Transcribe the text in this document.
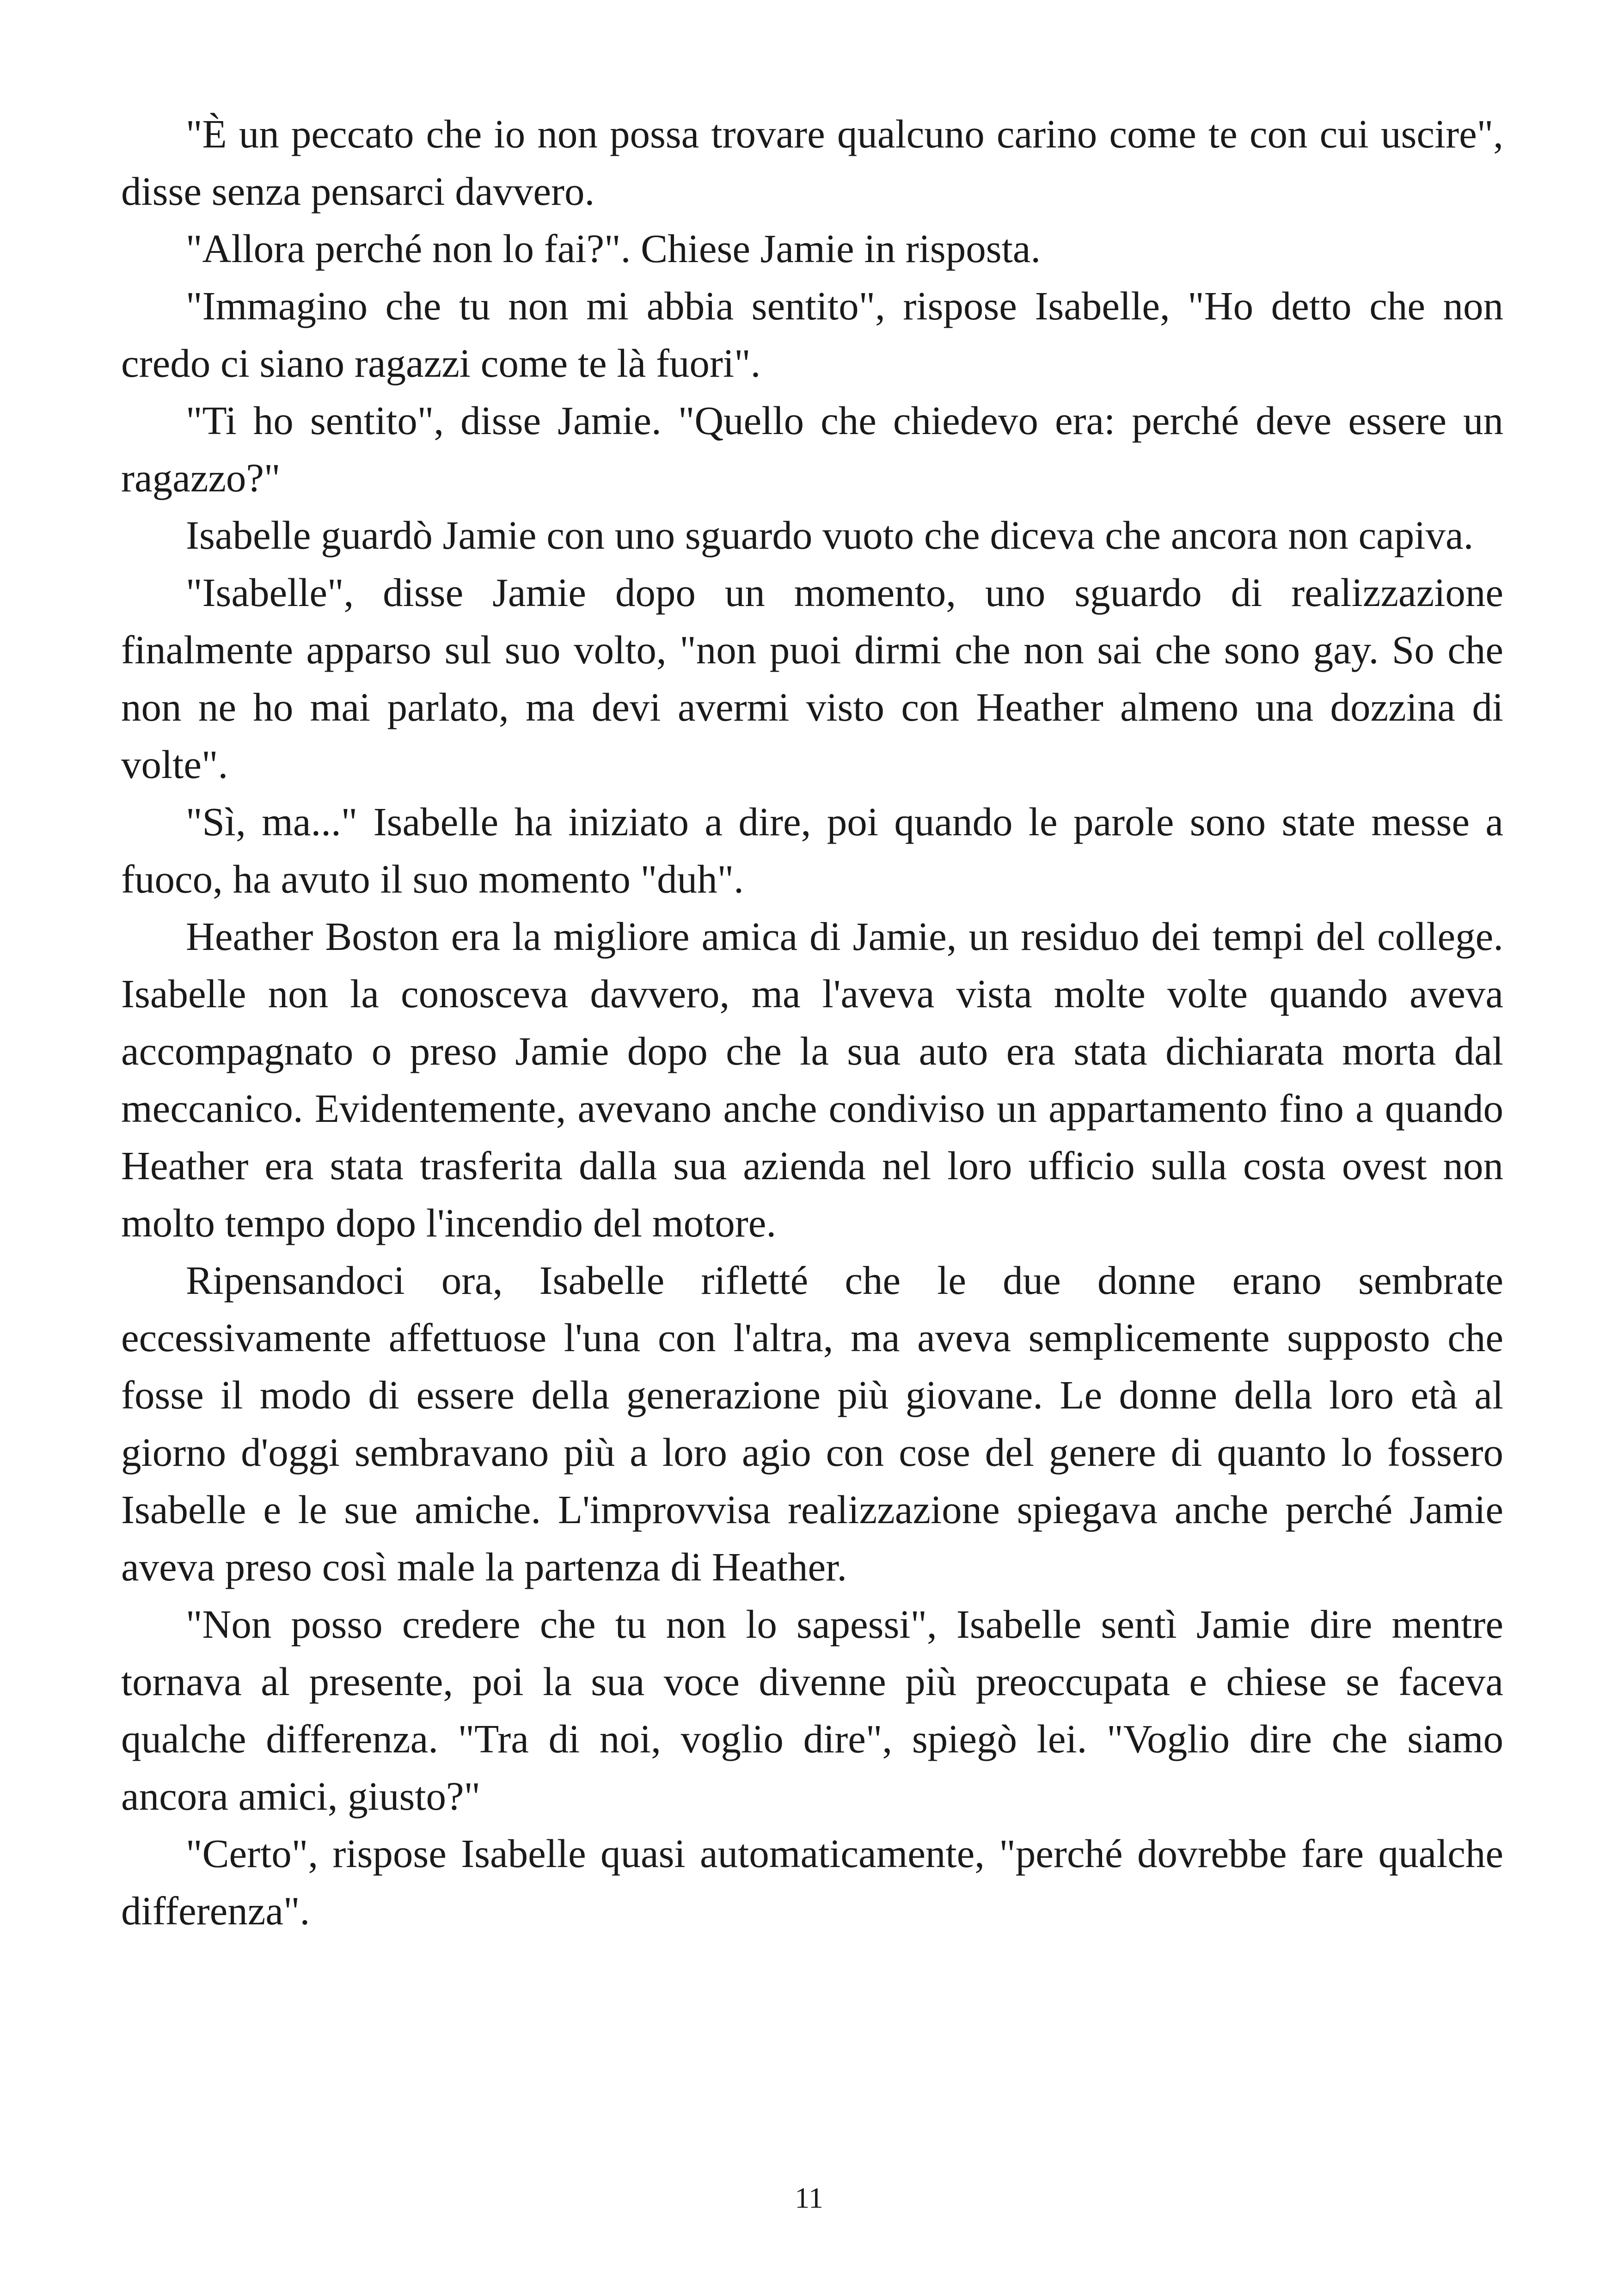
"È un peccato che io non possa trovare qualcuno carino come te con cui uscire", disse senza pensarci davvero.

"Allora perché non lo fai?". Chiese Jamie in risposta.

"Immagino che tu non mi abbia sentito", rispose Isabelle, "Ho detto che non credo ci siano ragazzi come te là fuori".

"Ti ho sentito", disse Jamie. "Quello che chiedevo era: perché deve essere un ragazzo?"

Isabelle guardò Jamie con uno sguardo vuoto che diceva che ancora non capiva.

"Isabelle", disse Jamie dopo un momento, uno sguardo di realizzazione finalmente apparso sul suo volto, "non puoi dirmi che non sai che sono gay. So che non ne ho mai parlato, ma devi avermi visto con Heather almeno una dozzina di volte".

"Sì, ma..." Isabelle ha iniziato a dire, poi quando le parole sono state messe a fuoco, ha avuto il suo momento "duh".

Heather Boston era la migliore amica di Jamie, un residuo dei tempi del college. Isabelle non la conosceva davvero, ma l'aveva vista molte volte quando aveva accompagnato o preso Jamie dopo che la sua auto era stata dichiarata morta dal meccanico. Evidentemente, avevano anche condiviso un appartamento fino a quando Heather era stata trasferita dalla sua azienda nel loro ufficio sulla costa ovest non molto tempo dopo l'incendio del motore.

Ripensandoci ora, Isabelle rifletté che le due donne erano sembrate eccessivamente affettuose l'una con l'altra, ma aveva semplicemente supposto che fosse il modo di essere della generazione più giovane. Le donne della loro età al giorno d'oggi sembravano più a loro agio con cose del genere di quanto lo fossero Isabelle e le sue amiche. L'improvvisa realizzazione spiegava anche perché Jamie aveva preso così male la partenza di Heather.

"Non posso credere che tu non lo sapessi", Isabelle sentì Jamie dire mentre tornava al presente, poi la sua voce divenne più preoccupata e chiese se faceva qualche differenza. "Tra di noi, voglio dire", spiegò lei. "Voglio dire che siamo ancora amici, giusto?"

"Certo", rispose Isabelle quasi automaticamente, "perché dovrebbe fare qualche differenza".

11
